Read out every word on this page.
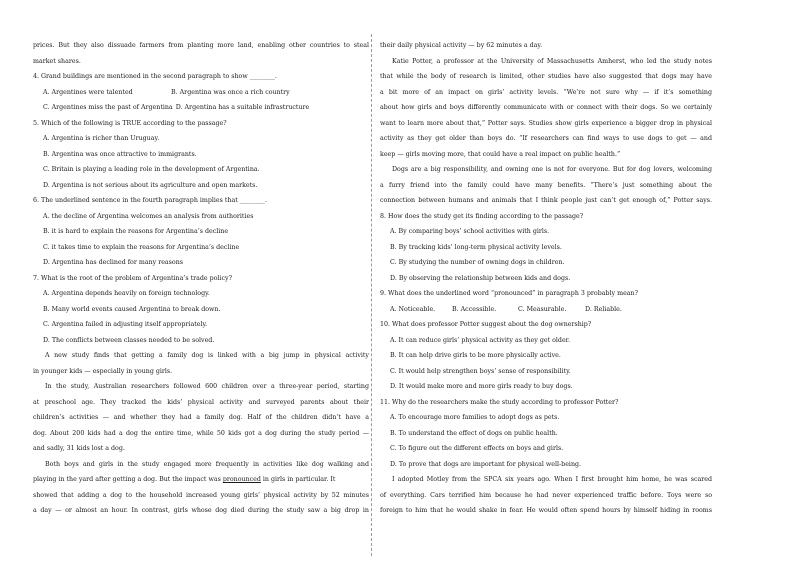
prices. But they also dissuade farmers from planting more land, enabling other countries to steal
market shares.
4. Grand buildings are mentioned in the second paragraph to show ________.
A. Argentines were talented	B. Argentina was once a rich country
C. Argentines miss the past of Argentina D. Argentina has a suitable infrastructure
5. Which of the following is TRUE according to the passage?
A. Argentina is richer than Uruguay.
B. Argentina was once attractive to immigrants.
C. Britain is playing a leading role in the development of Argentina.
D. Argentina is not serious about its agriculture and open markets.
6. The underlined sentence in the fourth paragraph implies that ________.
A. the decline of Argentina welcomes an analysis from authorities
B. it is hard to explain the reasons for Argentina’s decline
C. it takes time to explain the reasons for Argentina’s decline
D. Argentina has declined for many reasons
7. What is the root of the problem of Argentina’s trade policy?
A. Argentina depends heavily on foreign technology.
B. Many world events caused Argentina to break down.
C. Argentina failed in adjusting itself appropriately.
D. The conflicts between classes needed to be solved.
A new study finds that getting a family dog is linked with a big jump in physical activity
in younger kids — especially in young girls.
In the study, Australian researchers followed 600 children over a three-year period, starting
at preschool age. They tracked the kids’ physical activity and surveyed parents about their
children’s activities — and whether they had a family dog. Half of the children didn’t have a
dog. About 200 kids had a dog the entire time, while 50 kids got a dog during the study period —
and sadly, 31 kids lost a dog.
Both boys and girls in the study engaged more frequently in activities like dog walking and
playing in the yard after getting a dog. But the impact was pronounced in girls in particular. It
showed that adding a dog to the household increased young girls’ physical activity by 52 minutes
a day — or almost an hour. In contrast, girls whose dog died during the study saw a big drop in
their daily physical activity — by 62 minutes a day.
Katie Potter, a professor at the University of Massachusetts Amherst, who led the study notes
that while the body of research is limited, other studies have also suggested that dogs may have
a bit more of an impact on girls’ activity levels. “We’re not sure why — if it’s something
about how girls and boys differently communicate with or connect with their dogs. So we certainly
want to learn more about that,” Potter says. Studies show girls experience a bigger drop in physical
activity as they get older than boys do. “If researchers can find ways to use dogs to get — and
keep — girls moving more, that could have a real impact on public health.”
Dogs are a big responsibility, and owning one is not for everyone. But for dog lovers, welcoming
a furry friend into the family could have many benefits. “There’s just something about the
connection between humans and animals that I think people just can’t get enough of,” Potter says.
8. How does the study get its finding according to the passage?
A. By comparing boys’ school activities with girls.
B. By tracking kids’ long-term physical activity levels.
C. By studying the number of owning dogs in children.
D. By observing the relationship between kids and dogs.
9. What does the underlined word “pronounced” in paragraph 3 probably mean?
A. Noticeable.	B. Accessible.	C. Measurable.	D. Reliable.
10. What does professor Potter suggest about the dog ownership?
A. It can reduce girls’ physical activity as they get older.
B. It can help drive girls to be more physically active.
C. It would help strengthen boys’ sense of responsibility.
D. It would make more and more girls ready to buy dogs.
11. Why do the researchers make the study according to professor Potter?
A. To encourage more families to adopt dogs as pets.
B. To understand the effect of dogs on public health.
C. To figure out the different effects on boys and girls.
D. To prove that dogs are important for physical well-being.
I adopted Motley from the SPCA six years ago. When I first brought him home, he was scared
of everything. Cars terrified him because he had never experienced traffic before. Toys were so
foreign to him that he would shake in fear. He would often spend hours by himself hiding in rooms
